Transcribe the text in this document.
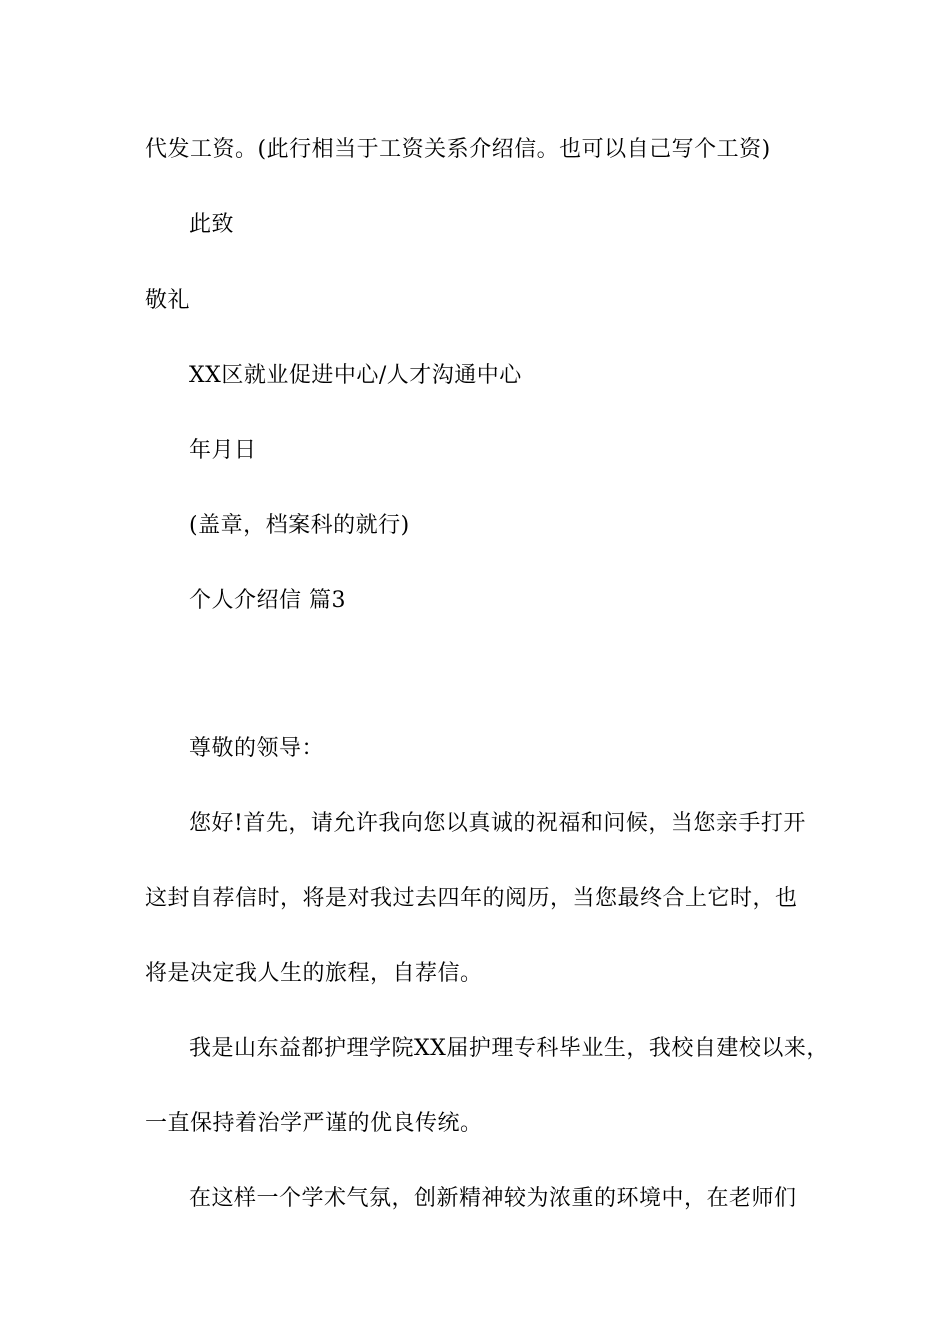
代发工资。(此行相当于工资关系介绍信。也可以自己写个工资)
此致
敬礼
XX区就业促进中心/人才沟通中心
年月日
(盖章，档案科的就行)
个人介绍信 篇3
尊敬的领导：
您好!首先，请允许我向您以真诚的祝福和问候，当您亲手打开
这封自荐信时，将是对我过去四年的阅历，当您最终合上它时，也
将是决定我人生的旅程，自荐信。
我是山东益都护理学院XX届护理专科毕业生，我校自建校以来，
一直保持着治学严谨的优良传统。
在这样一个学术气氛，创新精神较为浓重的环境中，在老师们
